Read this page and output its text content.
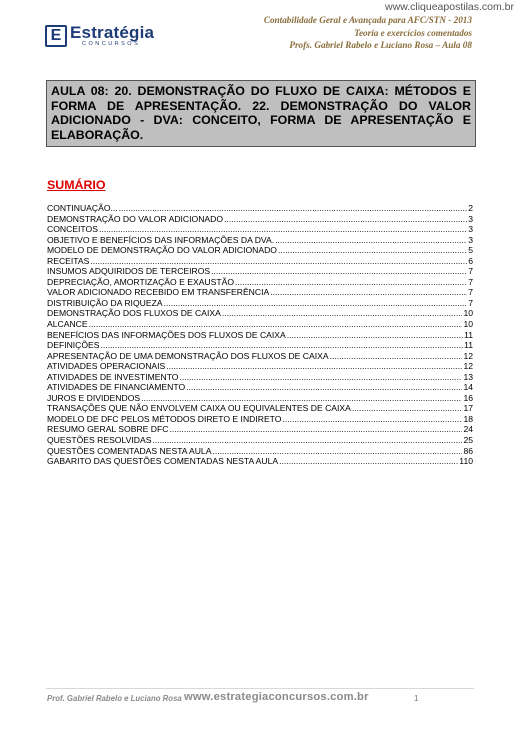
www.cliqueapostilas.com.br
E Estratégia
CONCURSOS
Contabilidade Geral e Avançada para AFC/STN - 2013
Teoria e exercícios comentados
Profs. Gabriel Rabelo e Luciano Rosa – Aula 08
AULA 08: 20. DEMONSTRAÇÃO DO FLUXO DE CAIXA: MÉTODOS E FORMA DE APRESENTAÇÃO. 22. DEMONSTRAÇÃO DO VALOR ADICIONADO - DVA: CONCEITO, FORMA DE APRESENTAÇÃO E ELABORAÇÃO.
SUMÁRIO
CONTINUAÇÃO... .....	2
DEMONSTRAÇÃO DO VALOR ADICIONADO .....	3
CONCEITOS .....	3
OBJETIVO E BENEFÍCIOS DAS INFORMAÇÕES DA DVA. .....	3
MODELO DE DEMONSTRAÇÃO DO VALOR ADICIONADO .....	5
RECEITAS .....	6
INSUMOS ADQUIRIDOS DE TERCEIROS .....	7
DEPRECIAÇÃO, AMORTIZAÇÃO E EXAUSTÃO .....	7
VALOR ADICIONADO RECEBIDO EM TRANSFERÊNCIA .....	7
DISTRIBUIÇÃO DA RIQUEZA .....	7
DEMONSTRAÇÃO DOS FLUXOS DE CAIXA .....	10
ALCANCE .....	10
BENEFÍCIOS DAS INFORMAÇÕES DOS FLUXOS DE CAIXA .....	11
DEFINIÇÕES .....	11
APRESENTAÇÃO DE UMA DEMONSTRAÇÃO DOS FLUXOS DE CAIXA .....	12
ATIVIDADES OPERACIONAIS .....	12
ATIVIDADES DE INVESTIMENTO .....	13
ATIVIDADES DE FINANCIAMENTO .....	14
JUROS E DIVIDENDOS .....	16
TRANSAÇÕES QUE NÃO ENVOLVEM CAIXA OU EQUIVALENTES DE CAIXA .....	17
MODELO DE DFC PELOS MÉTODOS DIRETO E INDIRETO .....	18
RESUMO GERAL SOBRE DFC .....	24
QUESTÕES RESOLVIDAS .....	25
QUESTÕES COMENTADAS NESTA AULA .....	86
GABARITO DAS QUESTÕES COMENTADAS NESTA AULA .....	110
Prof. Gabriel Rabelo e Luciano Rosa www.estrategiaconcursos.com.br	1
